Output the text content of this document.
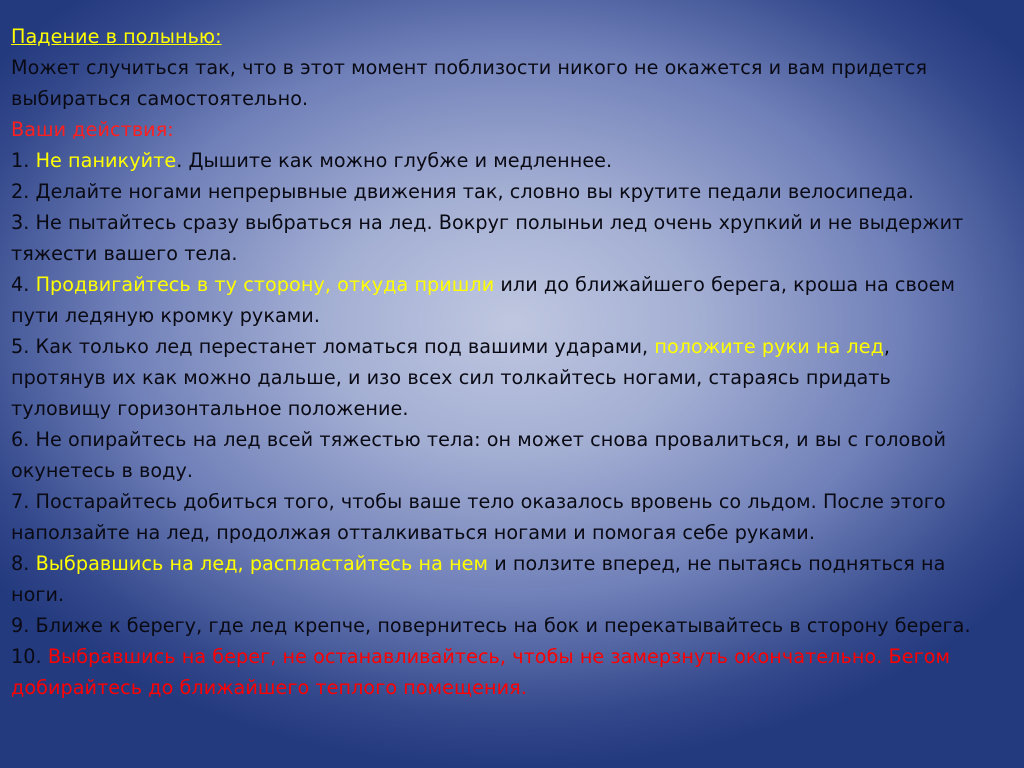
Падение в полынью:
Может случиться так, что в этот момент поблизости никого не окажется и вам придется
выбираться самостоятельно.
Ваши действия:
1. Не паникуйте. Дышите как можно глубже и медленнее.
2. Делайте ногами непрерывные движения так, словно вы крутите педали велосипеда.
3. Не пытайтесь сразу выбраться на лед. Вокруг полыньи лед очень хрупкий и не выдержит
тяжести вашего тела.
4. Продвигайтесь в ту сторону, откуда пришли или до ближайшего берега, кроша на своем
пути ледяную кромку руками.
5. Как только лед перестанет ломаться под вашими ударами, положите руки на лед,
протянув их как можно дальше, и изо всех сил толкайтесь ногами, стараясь придать
туловищу горизонтальное положение.
6. Не опирайтесь на лед всей тяжестью тела: он может снова провалиться, и вы с головой
окунетесь в воду.
7. Постарайтесь добиться того, чтобы ваше тело оказалось вровень со льдом. После этого
наползайте на лед, продолжая отталкиваться ногами и помогая себе руками.
8. Выбравшись на лед, распластайтесь на нем и ползите вперед, не пытаясь подняться на
ноги.
9. Ближе к берегу, где лед крепче, повернитесь на бок и перекатывайтесь в сторону берега.
10. Выбравшись на берег, не останавливайтесь, чтобы не замерзнуть окончательно. Бегом
добирайтесь до ближайшего теплого помещения.
